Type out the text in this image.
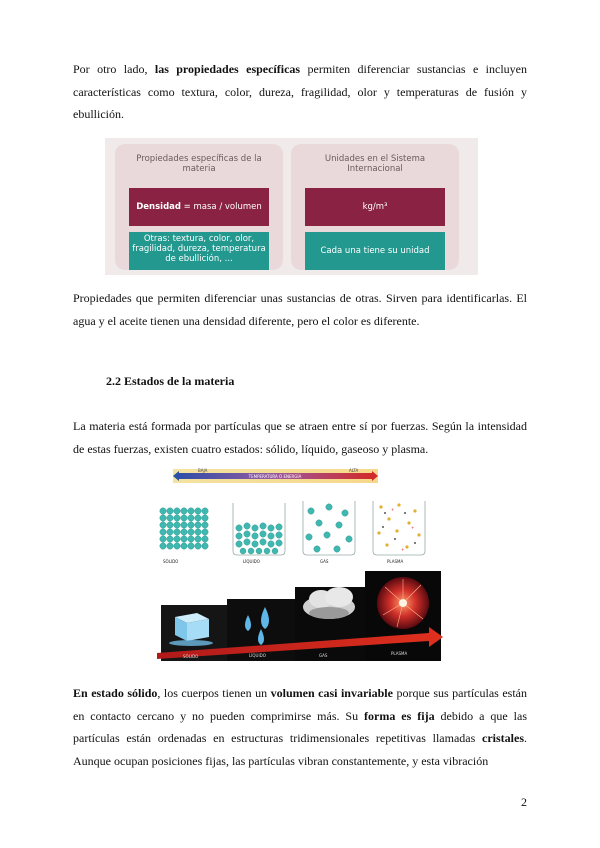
Por otro lado, las propiedades específicas permiten diferenciar sustancias e incluyen características como textura, color, dureza, fragilidad, olor y temperaturas de fusión y ebullición.

Propiedades específicas de la materia
Densidad = masa / volumen
Otras: textura, color, olor, fragilidad, dureza, temperatura de ebullición, ...
Unidades en el Sistema Internacional
kg/m³
Cada una tiene su unidad

Propiedades que permiten diferenciar unas sustancias de otras. Sirven para identificarlas. El agua y el aceite tienen una densidad diferente, pero el color es diferente.

2.2 Estados de la materia

La materia está formada por partículas que se atraen entre sí por fuerzas. Según la intensidad de estas fuerzas, existen cuatro estados: sólido, líquido, gaseoso y plasma.

BAJA
TEMPERATURA O ENERGÍA
ALTA
SÓLIDO	LÍQUIDO	GAS
+
+
+
PLASMA
SÓLIDO	LÍQUIDO	GAS	PLASMA

En estado sólido, los cuerpos tienen un volumen casi invariable porque sus partículas están en contacto cercano y no pueden comprimirse más. Su forma es fija debido a que las partículas están ordenadas en estructuras tridimensionales repetitivas llamadas cristales. Aunque ocupan posiciones fijas, las partículas vibran constantemente, y esta vibración

2
